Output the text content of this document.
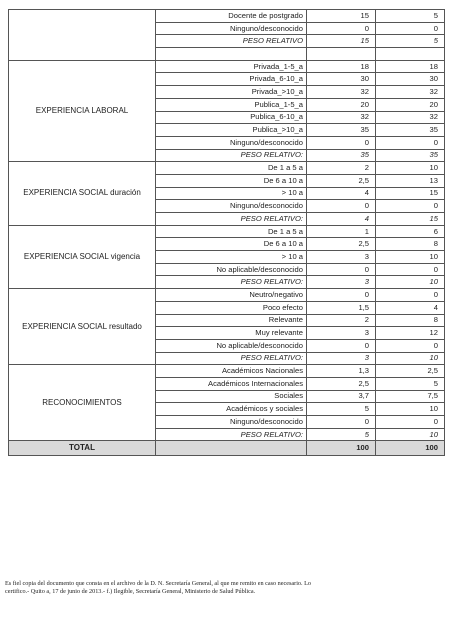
	Docente de postgrado	15	5
	Ninguno/desconocido	0	0
	PESO RELATIVO	15	5

EXPERIENCIA LABORAL	Privada_1-5_a	18	18
	Privada_6-10_a	30	30
	Privada_>10_a	32	32
	Publica_1-5_a	20	20
	Publica_6-10_a	32	32
	Publica_>10_a	35	35
	Ninguno/desconocido	0	0
	PESO RELATIVO:	35	35
EXPERIENCIA SOCIAL duración	De 1 a 5 a	2	10
	De 6 a 10 a	2,5	13
	> 10 a	4	15
	Ninguno/desconocido	0	0
	PESO RELATIVO:	4	15
EXPERIENCIA SOCIAL vigencia	De 1 a 5 a	1	6
	De 6 a 10 a	2,5	8
	> 10 a	3	10
	No aplicable/desconocido	0	0
	PESO RELATIVO:	3	10
EXPERIENCIA SOCIAL resultado	Neutro/negativo	0	0
	Poco efecto	1,5	4
	Relevante	2	8
	Muy relevante	3	12
	No aplicable/desconocido	0	0
	PESO RELATIVO:	3	10
RECONOCIMIENTOS	Académicos Nacionales	1,3	2,5
	Académicos Internacionales	2,5	5
	Sociales	3,7	7,5
	Académicos y sociales	5	10
	Ninguno/desconocido	0	0
	PESO RELATIVO:	5	10
TOTAL		100	100
Es fiel copia del documento que consta en el archivo de la D. N. Secretaría General, al que me remito en caso necesario. Lo
certifico.- Quito a, 17 de junio de 2013.- f.) Ilegible, Secretaría General, Ministerio de Salud Pública.
